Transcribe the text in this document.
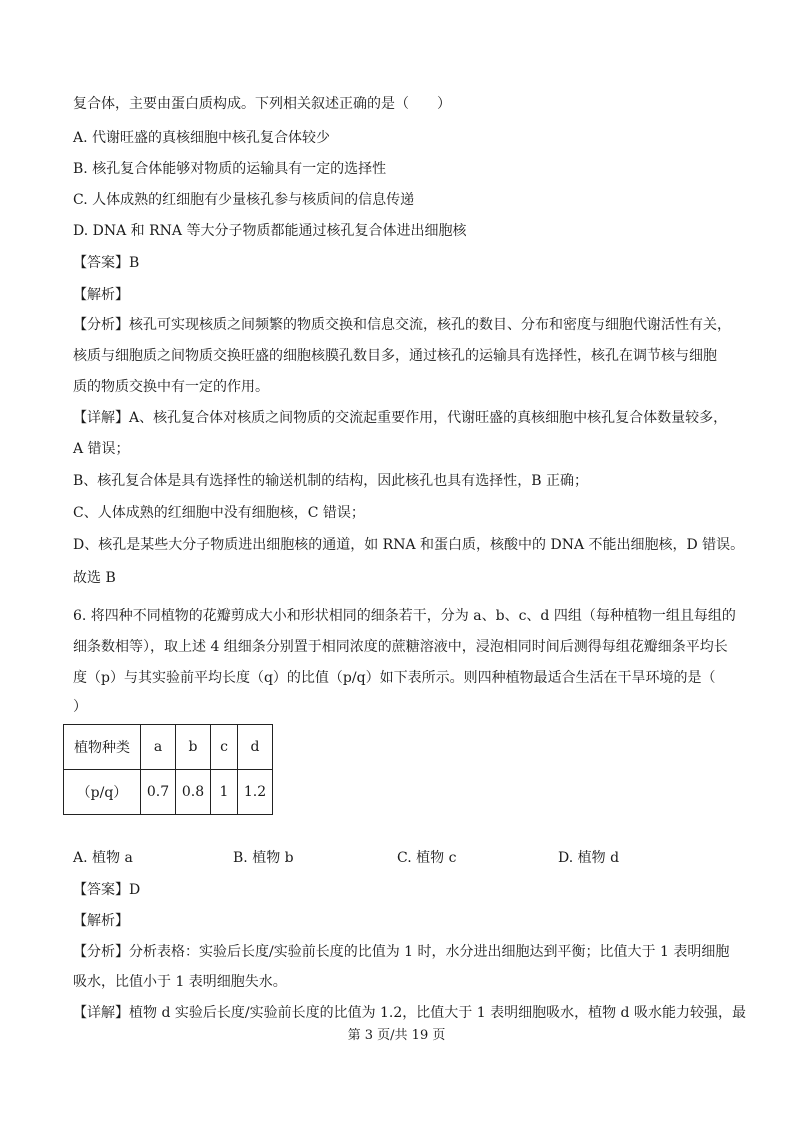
复合体，主要由蛋白质构成。下列相关叙述正确的是（　　）
A. 代谢旺盛的真核细胞中核孔复合体较少
B. 核孔复合体能够对物质的运输具有一定的选择性
C. 人体成熟的红细胞有少量核孔参与核质间的信息传递
D. DNA 和 RNA 等大分子物质都能通过核孔复合体进出细胞核
【答案】B
【解析】
【分析】核孔可实现核质之间频繁的物质交换和信息交流，核孔的数目、分布和密度与细胞代谢活性有关，
核质与细胞质之间物质交换旺盛的细胞核膜孔数目多，通过核孔的运输具有选择性，核孔在调节核与细胞
质的物质交换中有一定的作用。
【详解】A、核孔复合体对核质之间物质的交流起重要作用，代谢旺盛的真核细胞中核孔复合体数量较多，
A 错误；
B、核孔复合体是具有选择性的输送机制的结构，因此核孔也具有选择性，B 正确；
C、人体成熟的红细胞中没有细胞核，C 错误；
D、核孔是某些大分子物质进出细胞核的通道，如 RNA 和蛋白质，核酸中的 DNA 不能出细胞核，D 错误。
故选 B
6. 将四种不同植物的花瓣剪成大小和形状相同的细条若干，分为 a、b、c、d 四组（每种植物一组且每组的
细条数相等），取上述 4 组细条分别置于相同浓度的蔗糖溶液中，浸泡相同时间后测得每组花瓣细条平均长
度（p）与其实验前平均长度（q）的比值（p/q）如下表所示。则四种植物最适合生活在干旱环境的是（
）
植物种类	a	b	c	d
（p/q）	0.7	0.8	1	1.2
A. 植物 a	B. 植物 b	C. 植物 c	D. 植物 d
【答案】D
【解析】
【分析】分析表格：实验后长度/实验前长度的比值为 1 时，水分进出细胞达到平衡；比值大于 1 表明细胞
吸水，比值小于 1 表明细胞失水。
【详解】植物 d 实验后长度/实验前长度的比值为 1.2，比值大于 1 表明细胞吸水，植物 d 吸水能力较强，最
第 3 页/共 19 页
